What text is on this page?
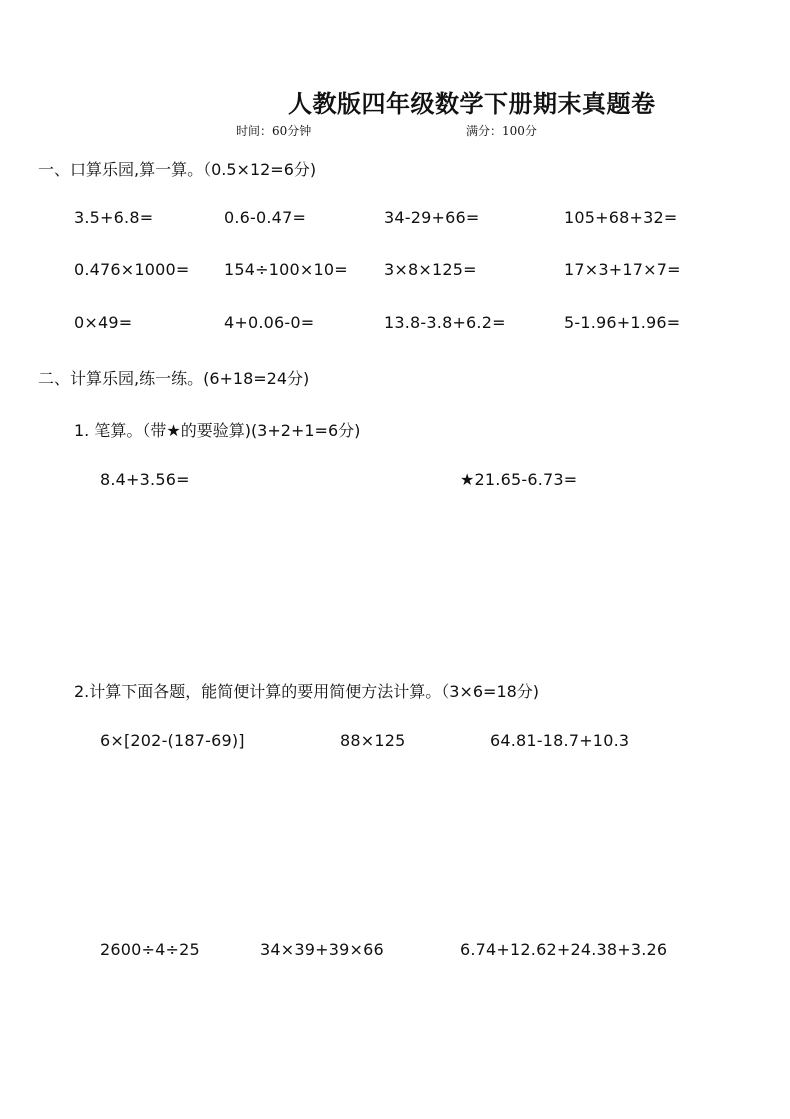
人教版四年级数学下册期末真题卷
时间：60分钟	满分：100分
一、口算乐园,算一算。（0.5×12=6分)
3.5+6.8=	0.6-0.47=	34-29+66=	105+68+32=
0.476×1000= 154÷100×10= 3×8×125=	17×3+17×7=
0×49=	4+0.06-0=	13.8-3.8+6.2=	5-1.96+1.96=
二、计算乐园,练一练。(6+18=24分)
1. 笔算。（带★的要验算)(3+2+1=6分)
8.4+3.56=	★21.65-6.73=
2.计算下面各题，能简便计算的要用简便方法计算。（3×6=18分)
6×[202-(187-69)]	88×125	64.81-18.7+10.3
2600÷4÷25	34×39+39×66	6.74+12.62+24.38+3.26
